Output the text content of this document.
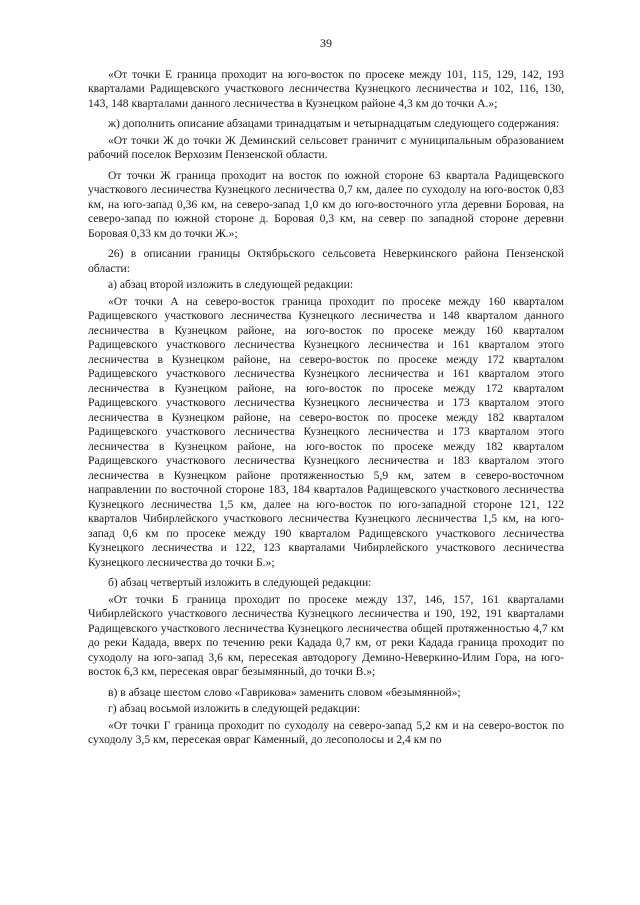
39

«От точки Е граница проходит на юго-восток по просеке между 101, 115, 129, 142, 193 кварталами Радищевского участкового лесничества Кузнецкого лесничества и 102, 116, 130, 143, 148 кварталами данного лесничества в Кузнецком районе 4,3 км до точки А.»;

ж) дополнить описание абзацами тринадцатым и четырнадцатым следующего содержания:

«От точки Ж до точки Ж Деминский сельсовет граничит с муниципальным образованием рабочий поселок Верхозим Пензенской области.

От точки Ж граница проходит на восток по южной стороне 63 квартала Радищевского участкового лесничества Кузнецкого лесничества 0,7 км, далее по суходолу на юго-восток 0,83 км, на юго-запад 0,36 км, на северо-запад 1,0 км до юго-восточного угла деревни Боровая, на северо-запад по южной стороне д. Боровая 0,3 км, на север по западной стороне деревни Боровая 0,33 км до точки Ж.»;

26) в описании границы Октябрьского сельсовета Неверкинского района Пензенской области:

а) абзац второй изложить в следующей редакции:

«От точки А на северо-восток граница проходит по просеке между 160 кварталом Радищевского участкового лесничества Кузнецкого лесничества и 148 кварталом данного лесничества в Кузнецком районе, на юго-восток по просеке между 160 кварталом Радищевского участкового лесничества Кузнецкого лесничества и 161 кварталом этого лесничества в Кузнецком районе, на северо-восток по просеке между 172 кварталом Радищевского участкового лесничества Кузнецкого лесничества и 161 кварталом этого лесничества в Кузнецком районе, на юго-восток по просеке между 172 кварталом Радищевского участкового лесничества Кузнецкого лесничества и 173 кварталом этого лесничества в Кузнецком районе, на северо-восток по просеке между 182 кварталом Радищевского участкового лесничества Кузнецкого лесничества и 173 кварталом этого лесничества в Кузнецком районе, на юго-восток по просеке между 182 кварталом Радищевского участкового лесничества Кузнецкого лесничества и 183 кварталом этого лесничества в Кузнецком районе протяженностью 5,9 км, затем в северо-восточном направлении по восточной стороне 183, 184 кварталов Радищевского участкового лесничества Кузнецкого лесничества 1,5 км, далее на юго-восток по юго-западной стороне 121, 122 кварталов Чибирлейского участкового лесничества Кузнецкого лесничества 1,5 км, на юго-запад 0,6 км по просеке между 190 кварталом Радищевского участкового лесничества Кузнецкого лесничества и 122, 123 кварталами Чибирлейского участкового лесничества Кузнецкого лесничества до точки Б.»;

б) абзац четвертый изложить в следующей редакции:

«От точки Б граница проходит по просеке между 137, 146, 157, 161 кварталами Чибирлейского участкового лесничества Кузнецкого лесничества и 190, 192, 191 кварталами Радищевского участкового лесничества Кузнецкого лесничества общей протяженностью 4,7 км до реки Кадада, вверх по течению реки Кадада 0,7 км, от реки Кадада граница проходит по суходолу на юго-запад 3,6 км, пересекая автодорогу Демино-Неверкино-Илим Гора, на юго-восток 6,3 км, пересекая овраг безымянный, до точки В.»;

в) в абзаце шестом слово «Гаврикова» заменить словом «безымянной»;

г) абзац восьмой изложить в следующей редакции:

«От точки Г граница проходит по суходолу на северо-запад 5,2 км и на северо-восток по суходолу 3,5 км, пересекая овраг Каменный, до лесополосы и 2,4 км по
